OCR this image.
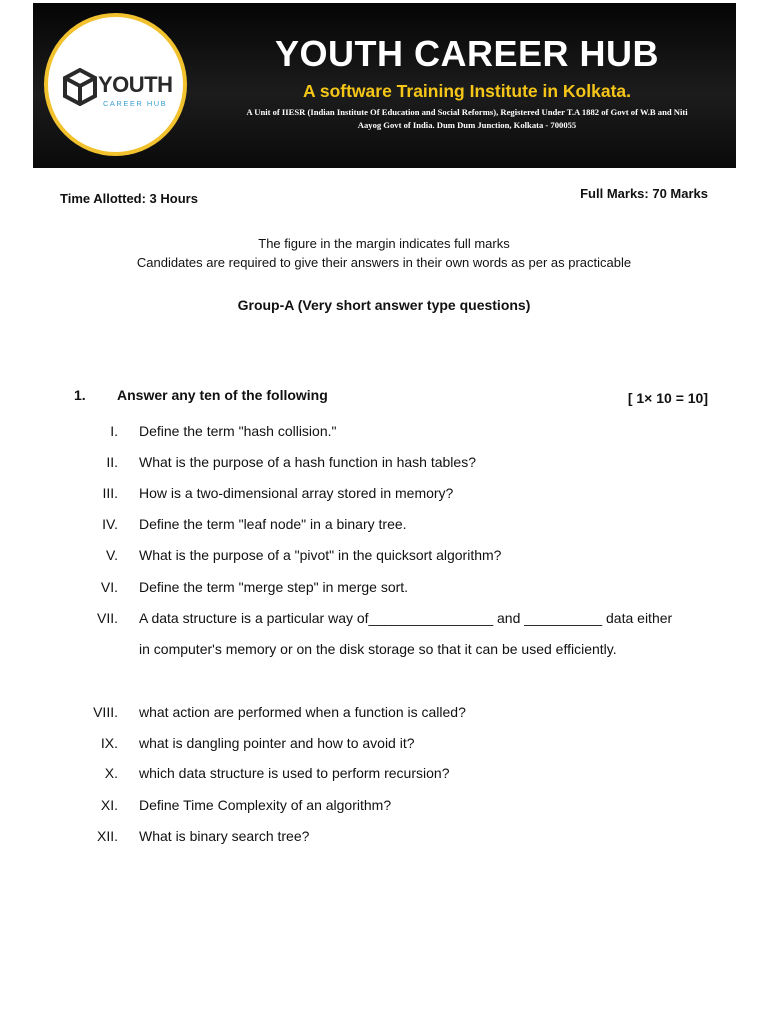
YOUTH
CAREER HUB
YOUTH CAREER HUB
A software Training Institute in Kolkata.
A Unit of IIESR (Indian Institute Of Education and Social Reforms), Registered Under T.A 1882 of Govt of W.B and Niti Aayog Govt of India. Dum Dum Junction, Kolkata - 700055
Time Allotted: 3 Hours	Full Marks: 70 Marks
The figure in the margin indicates full marks
Candidates are required to give their answers in their own words as per as practicable
Group-A (Very short answer type questions)
1. Answer any ten of the following	[ 1× 10 = 10]
I. Define the term "hash collision."
II. What is the purpose of a hash function in hash tables?
III. How is a two-dimensional array stored in memory?
IV. Define the term "leaf node" in a binary tree.
V. What is the purpose of a "pivot" in the quicksort algorithm?
VI. Define the term "merge step" in merge sort.
VII. A data structure is a particular way of________________ and __________ data either in computer's memory or on the disk storage so that it can be used efficiently.
VIII. what action are performed when a function is called?
IX. what is dangling pointer and how to avoid it?
X. which data structure is used to perform recursion?
XI. Define Time Complexity of an algorithm?
XII. What is binary search tree?
